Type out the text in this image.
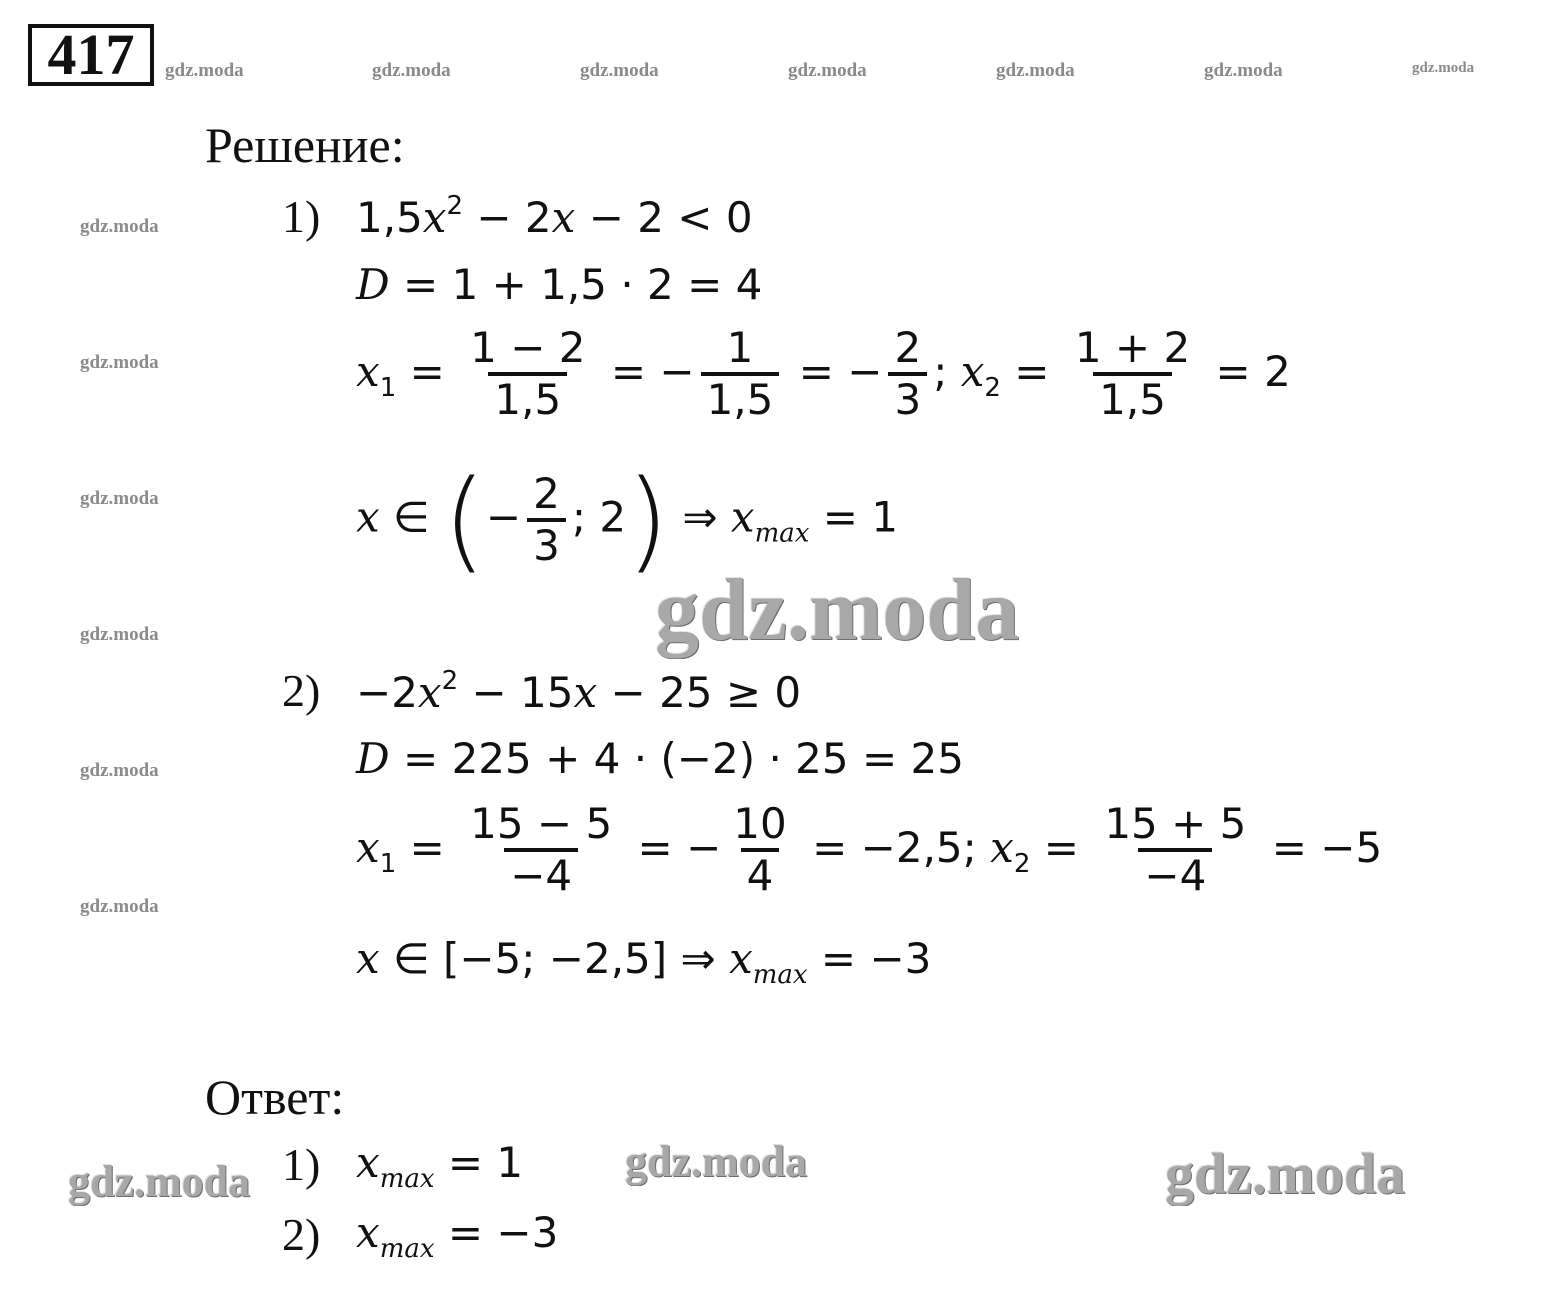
417	gdz.moda	gdz.moda	gdz.moda	gdz.moda	gdz.moda	gdz.moda	gdz.moda
gdz.moda
gdz.moda
gdz.moda
gdz.moda
gdz.moda
gdz.moda
gdz.moda
gdz.moda	gdz.moda	gdz.moda
Решение:
1) $1,5x^2 - 2x - 2 < 0$
D = 1 + 1,5 · 2 = 4
$x_1 = \frac{1 - 2}{1,5}$ = − $\frac{1}{1,5}$ = − $\frac{2}{3}$ ; $x_2 = \frac{1 + 2}{1,5} = 2$
x ∈ (− $\frac{2}{3}$ ; 2) ⇒ $x_{max} = 1$
$2) -2x^2 - 15x - 25 \ge 0$
D = 225 + 4 · (−2) · 25 = 25
$x_1 = \frac{15 - 5}{-4}$ = − $\frac{10}{4} = -2,5$; $x_2 = \frac{15 + 5}{-4} = -5$
x ∈ [−5; −2,5] ⇒ $x_{max} = -3$
Ответ:
1) $x_{max} = 1$
2) $x_{max} = -3$
